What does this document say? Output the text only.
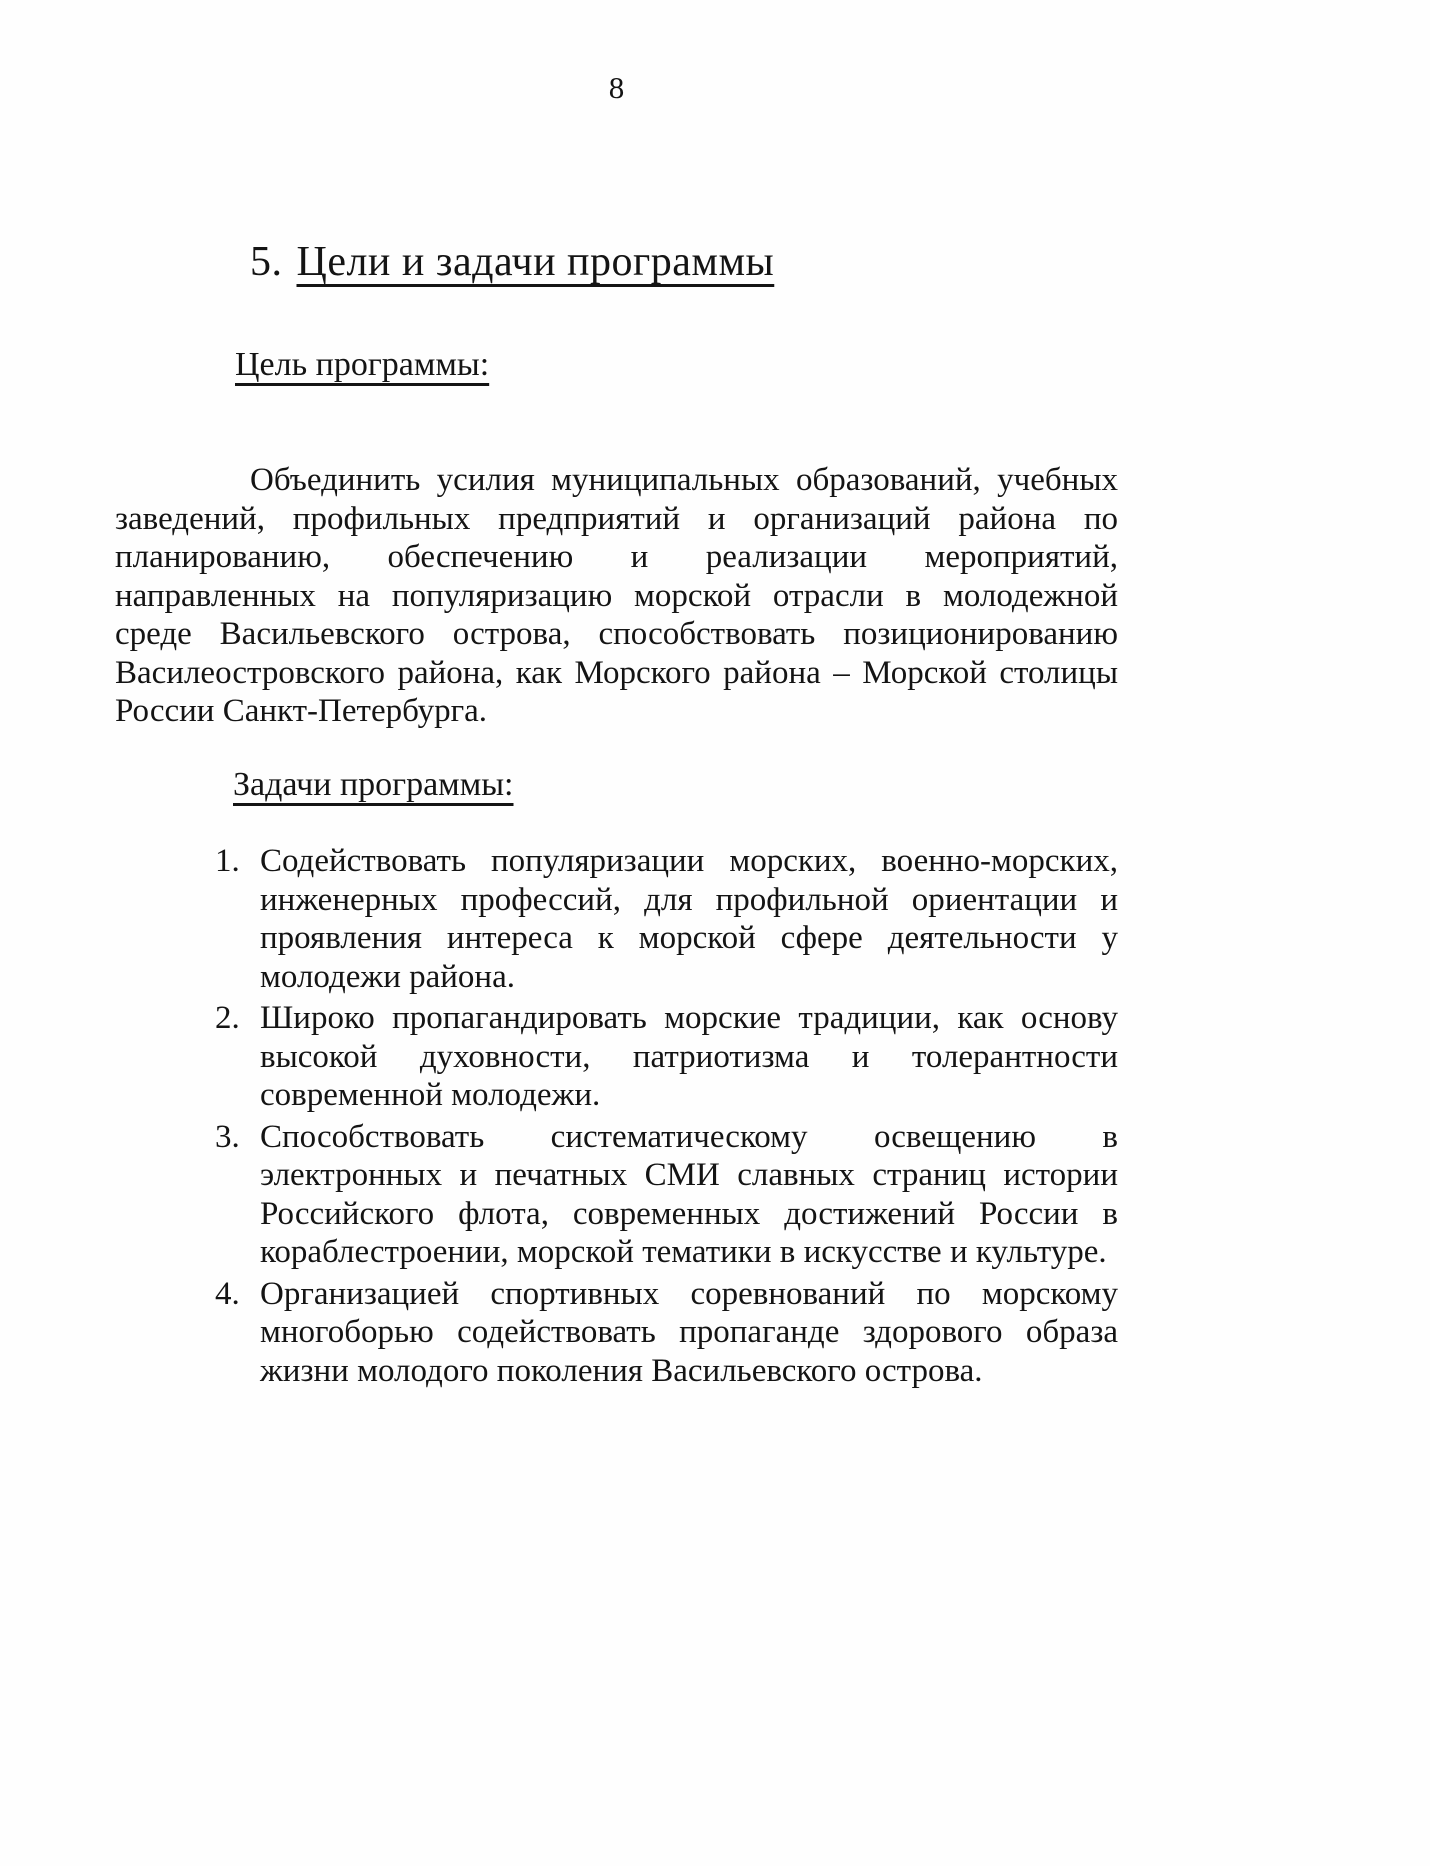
8
5. Цели и задачи программы
Цель программы:

Объединить усилия муниципальных образований, учебных заведений, профильных предприятий и организаций района по планированию, обеспечению и реализации мероприятий, направленных на популяризацию морской отрасли в молодежной среде Васильевского острова, способствовать позиционированию Василеостровского района, как Морского района – Морской столицы России Санкт-Петербурга.

Задачи программы:
1. Содействовать популяризации морских, военно-морских, инженерных профессий, для профильной ориентации и проявления интереса к морской сфере деятельности у молодежи района.
2. Широко пропагандировать морские традиции, как основу высокой духовности, патриотизма и толерантности современной молодежи.
3. Способствовать систематическому освещению в электронных и печатных СМИ славных страниц истории Российского флота, современных достижений России в кораблестроении, морской тематики в искусстве и культуре.
4. Организацией спортивных соревнований по морскому многоборью содействовать пропаганде здорового образа жизни молодого поколения Васильевского острова.
